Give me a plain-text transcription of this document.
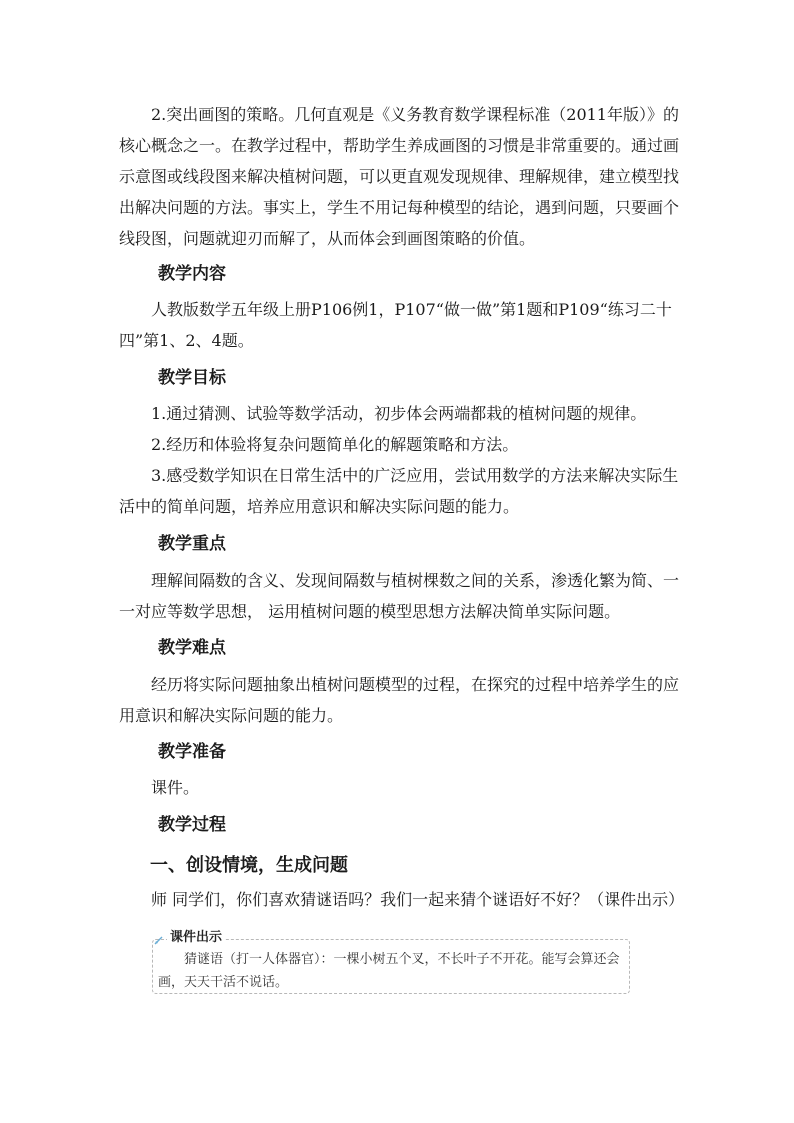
2.突出画图的策略。几何直观是《义务教育数学课程标准（2011年版）》的核心概念之一。在教学过程中，帮助学生养成画图的习惯是非常重要的。通过画示意图或线段图来解决植树问题，可以更直观发现规律、理解规律，建立模型找出解决问题的方法。事实上，学生不用记每种模型的结论，遇到问题，只要画个线段图，问题就迎刃而解了，从而体会到画图策略的价值。

教学内容

人教版数学五年级上册P106例1，P107“做一做”第1题和P109“练习二十四”第1、2、4题。

教学目标

1.通过猜测、试验等数学活动，初步体会两端都栽的植树问题的规律。

2.经历和体验将复杂问题简单化的解题策略和方法。

3.感受数学知识在日常生活中的广泛应用，尝试用数学的方法来解决实际生活中的简单问题，培养应用意识和解决实际问题的能力。

教学重点

理解间隔数的含义、发现间隔数与植树棵数之间的关系，渗透化繁为简、一一对应等数学思想， 运用植树问题的模型思想方法解决简单实际问题。

教学难点

经历将实际问题抽象出植树问题模型的过程，在探究的过程中培养学生的应用意识和解决实际问题的能力。

教学准备

课件。

教学过程
一、创设情境，生成问题

师 同学们，你们喜欢猜谜语吗？我们一起来猜个谜语好不好？（课件出示）

课件出示

猜谜语（打一人体器官）：一棵小树五个叉，不长叶子不开花。能写会算还会画，天天干活不说话。
